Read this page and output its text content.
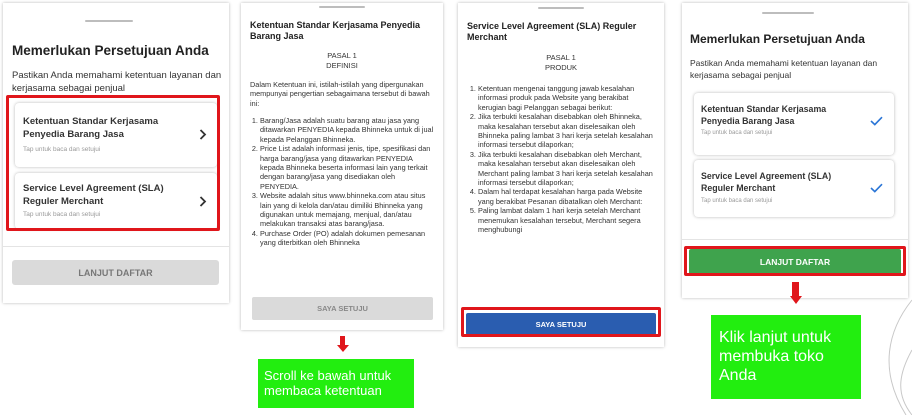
Memerlukan Persetujuan Anda
Pastikan Anda memahami ketentuan layanan dan kerjasama sebagai penjual
Ketentuan Standar Kerjasama Penyedia Barang Jasa
Tap untuk baca dan setujui
Service Level Agreement (SLA) Reguler Merchant
Tap untuk baca dan setujui
LANJUT DAFTAR
Ketentuan Standar Kerjasama Penyedia Barang Jasa
PASAL 1
DEFINISI
Dalam Ketentuan ini, istilah-istilah yang dipergunakan mempunyai pengertian sebagaimana tersebut di bawah ini:
1. Barang/Jasa adalah suatu barang atau jasa yang ditawarkan PENYEDIA kepada Bhinneka untuk di jual kepada Pelanggan Bhinneka.
2. Price List adalah informasi jenis, tipe, spesifikasi dan harga barang/jasa yang ditawarkan PENYEDIA kepada Bhinneka beserta informasi lain yang terkait dengan barang/jasa yang disediakan oleh PENYEDIA.
3. Website adalah situs www.bhinneka.com atau situs lain yang di kelola dan/atau dimiliki Bhinneka yang digunakan untuk memajang, menjual, dan/atau melakukan transaksi atas barang/jasa.
4. Purchase Order (PO) adalah dokumen pemesanan yang diterbitkan oleh Bhinneka
SAYA SETUJU
Scroll ke bawah untuk membaca ketentuan
Service Level Agreement (SLA) Reguler Merchant
PASAL 1
PRODUK
1. Ketentuan mengenai tanggung jawab kesalahan informasi produk pada Website yang berakibat kerugian bagi Pelanggan sebagai berikut:
2. Jika terbukti kesalahan disebabkan oleh Bhinneka, maka kesalahan tersebut akan diselesaikan oleh Bhinneka paling lambat 3 hari kerja setelah kesalahan informasi tersebut dilaporkan;
3. Jika terbukti kesalahan disebabkan oleh Merchant, maka kesalahan tersebut akan diselesaikan oleh Merchant paling lambat 3 hari kerja setelah kesalahan informasi tersebut dilaporkan;
4. Dalam hal terdapat kesalahan harga pada Website yang berakibat Pesanan dibatalkan oleh Merchant:
5. Paling lambat dalam 1 hari kerja setelah Merchant menemukan kesalahan tersebut, Merchant segera menghubungi
SAYA SETUJU
Memerlukan Persetujuan Anda
Pastikan Anda memahami ketentuan layanan dan kerjasama sebagai penjual
Ketentuan Standar Kerjasama Penyedia Barang Jasa
Tap untuk baca dan setujui
Service Level Agreement (SLA) Reguler Merchant
Tap untuk baca dan setujui
LANJUT DAFTAR
Klik lanjut untuk membuka toko Anda
